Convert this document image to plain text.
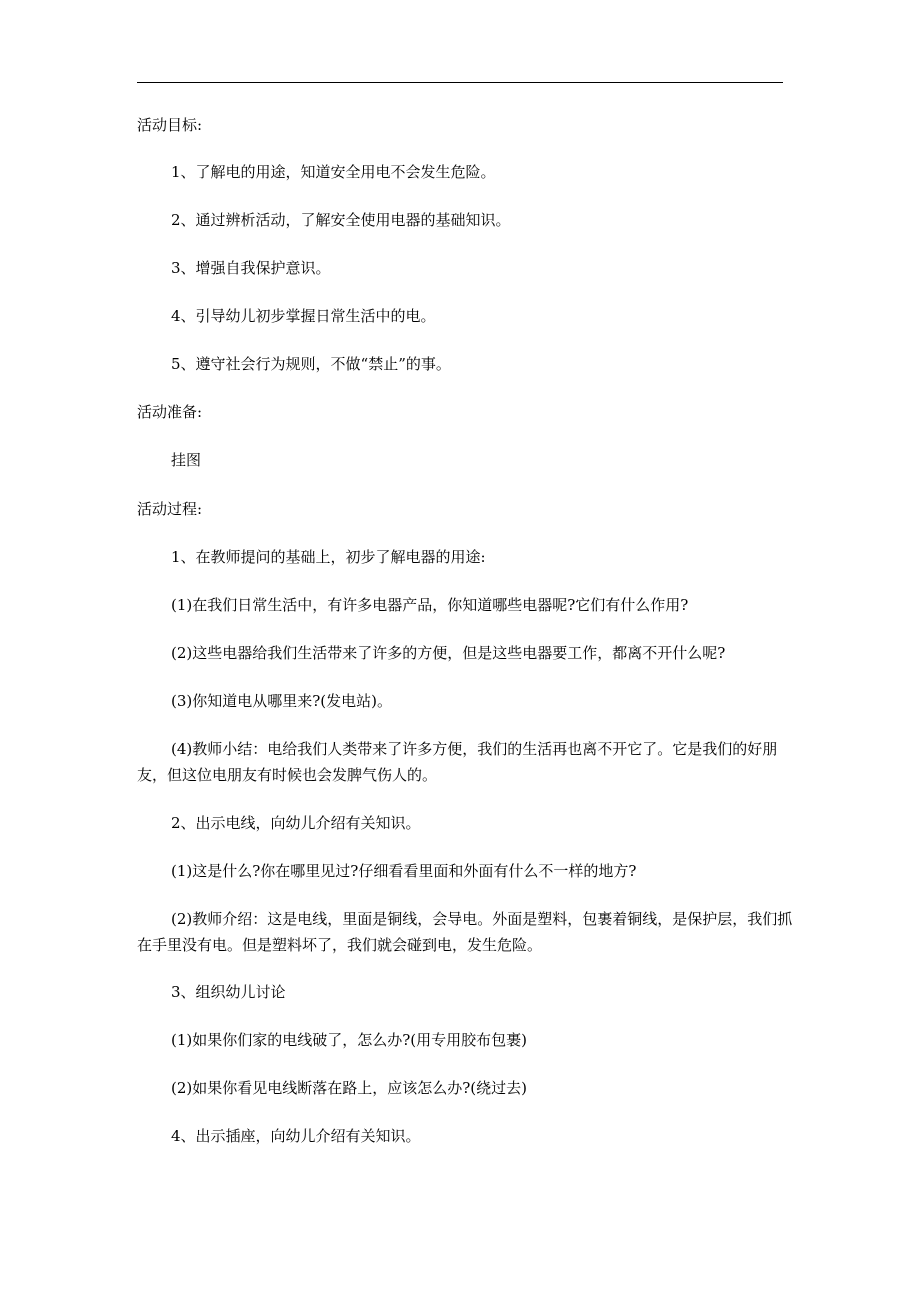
活动目标:
1、了解电的用途，知道安全用电不会发生危险。
2、通过辨析活动，了解安全使用电器的基础知识。
3、增强自我保护意识。
4、引导幼儿初步掌握日常生活中的电。
5、遵守社会行为规则，不做“禁止”的事。
活动准备:
挂图
活动过程:
1、在教师提问的基础上，初步了解电器的用途:
(1)在我们日常生活中，有许多电器产品，你知道哪些电器呢?它们有什么作用?
(2)这些电器给我们生活带来了许多的方便，但是这些电器要工作，都离不开什么呢?
(3)你知道电从哪里来?(发电站)。

(4)教师小结：电给我们人类带来了许多方便，我们的生活再也离不开它了。它是我们的好朋友，但这位电朋友有时候也会发脾气伤人的。

2、出示电线，向幼儿介绍有关知识。
(1)这是什么?你在哪里见过?仔细看看里面和外面有什么不一样的地方?

(2)教师介绍：这是电线，里面是铜线，会导电。外面是塑料，包裹着铜线，是保护层，我们抓在手里没有电。但是塑料坏了，我们就会碰到电，发生危险。

3、组织幼儿讨论
(1)如果你们家的电线破了，怎么办?(用专用胶布包裹)
(2)如果你看见电线断落在路上，应该怎么办?(绕过去)
4、出示插座，向幼儿介绍有关知识。
